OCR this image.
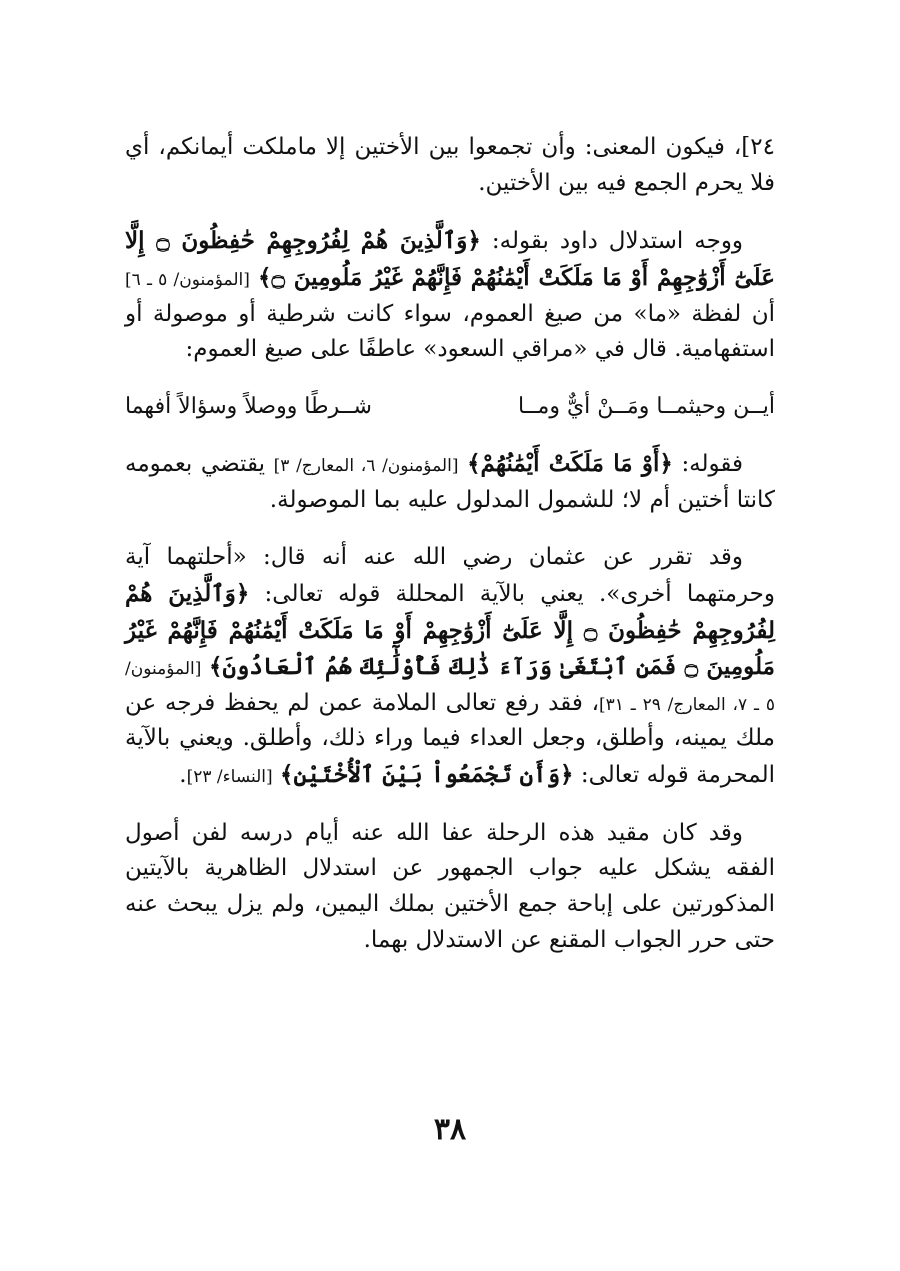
٢٤]، فيكون المعنى: وأن تجمعوا بين الأختين إلا ماملكت أيمانكم، أي فلا يحرم الجمع فيه بين الأختين.

ووجه استدلال داود بقوله: ﴿وَٱلَّذِينَ هُمْ لِفُرُوجِهِمْ حَٰفِظُونَ ۝ إِلَّا عَلَىٰٓ أَزْوَٰجِهِمْ أَوْ مَا مَلَكَتْ أَيْمَٰنُهُمْ فَإِنَّهُمْ غَيْرُ مَلُومِينَ ۝﴾ [المؤمنون/ ٥ ـ ٦] أن لفظة «ما» من صيغ العموم، سواء كانت شرطية أو موصولة أو استفهامية. قال في «مراقي السعود» عاطفًا على صيغ العموم:

أيــن وحيثمــا ومَــنْ أيٌّ ومــا
شــرطًا ووصلاً وسؤالاً أفهما

فقوله: ﴿أَوْ مَا مَلَكَتْ أَيْمَٰنُهُمْ﴾ [المؤمنون/ ٦، المعارج/ ٣] يقتضي بعمومه كانتا أختين أم لا؛ للشمول المدلول عليه بما الموصولة.

وقد تقرر عن عثمان رضي الله عنه أنه قال: «أحلتهما آية وحرمتهما أخرى». يعني بالآية المحللة قوله تعالى: ﴿وَٱلَّذِينَ هُمْ لِفُرُوجِهِمْ حَٰفِظُونَ ۝ إِلَّا عَلَىٰٓ أَزْوَٰجِهِمْ أَوْ مَا مَلَكَتْ أَيْمَٰنُهُمْ فَإِنَّهُمْ غَيْرُ مَلُومِينَ ۝ فَمَنِ ٱبْتَغَىٰ وَرَآءَ ذَٰلِكَ فَأُوْلَٰٓئِكَ هُمُ ٱلْعَادُونَ﴾ [المؤمنون/ ٥ ـ ٧، المعارج/ ٢٩ ـ ٣١]، فقد رفع تعالى الملامة عمن لم يحفظ فرجه عن ملك يمينه، وأطلق، وجعل العداء فيما وراء ذلك، وأطلق. ويعني بالآية المحرمة قوله تعالى: ﴿وَأَن تَجْمَعُواْ بَيْنَ ٱلْأُخْتَيْنِ﴾ [النساء/ ٢٣].

وقد كان مقيد هذه الرحلة عفا الله عنه أيام درسه لفن أصول الفقه يشكل عليه جواب الجمهور عن استدلال الظاهرية بالآيتين المذكورتين على إباحة جمع الأختين بملك اليمين، ولم يزل يبحث عنه حتى حرر الجواب المقنع عن الاستدلال بهما.

٣٨
